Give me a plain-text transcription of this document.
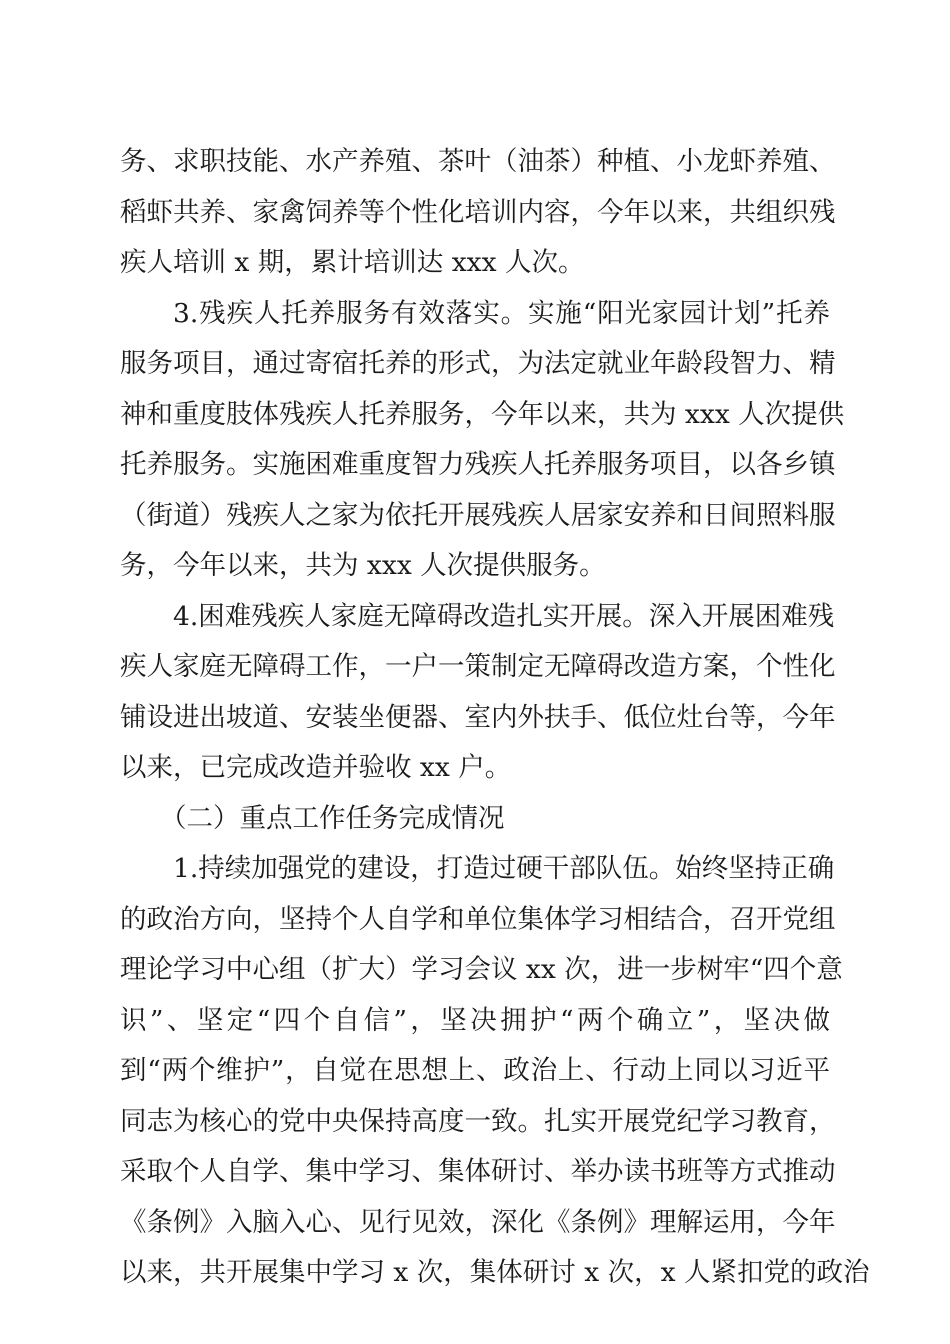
务、求职技能、水产养殖、茶叶（油茶）种植、小龙虾养殖、
稻虾共养、家禽饲养等个性化培训内容，今年以来，共组织残
疾人培训 x 期，累计培训达 xxx 人次。
3.残疾人托养服务有效落实。实施“阳光家园计划”托养
服务项目，通过寄宿托养的形式，为法定就业年龄段智力、精
神和重度肢体残疾人托养服务，今年以来，共为 xxx 人次提供
托养服务。实施困难重度智力残疾人托养服务项目，以各乡镇
（街道）残疾人之家为依托开展残疾人居家安养和日间照料服
务，今年以来，共为 xxx 人次提供服务。
4.困难残疾人家庭无障碍改造扎实开展。深入开展困难残
疾人家庭无障碍工作，一户一策制定无障碍改造方案，个性化
铺设进出坡道、安装坐便器、室内外扶手、低位灶台等，今年
以来，已完成改造并验收 xx 户。
（二）重点工作任务完成情况
1.持续加强党的建设，打造过硬干部队伍。始终坚持正确
的政治方向，坚持个人自学和单位集体学习相结合，召开党组
理论学习中心组（扩大）学习会议 xx 次，进一步树牢“四个意
识”、坚定“四个自信”，坚决拥护“两个确立”，坚决做
到“两个维护”，自觉在思想上、政治上、行动上同以习近平
同志为核心的党中央保持高度一致。扎实开展党纪学习教育，
采取个人自学、集中学习、集体研讨、举办读书班等方式推动
《条例》入脑入心、见行见效，深化《条例》理解运用，今年
以来，共开展集中学习 x 次，集体研讨 x 次，x 人紧扣党的政治
